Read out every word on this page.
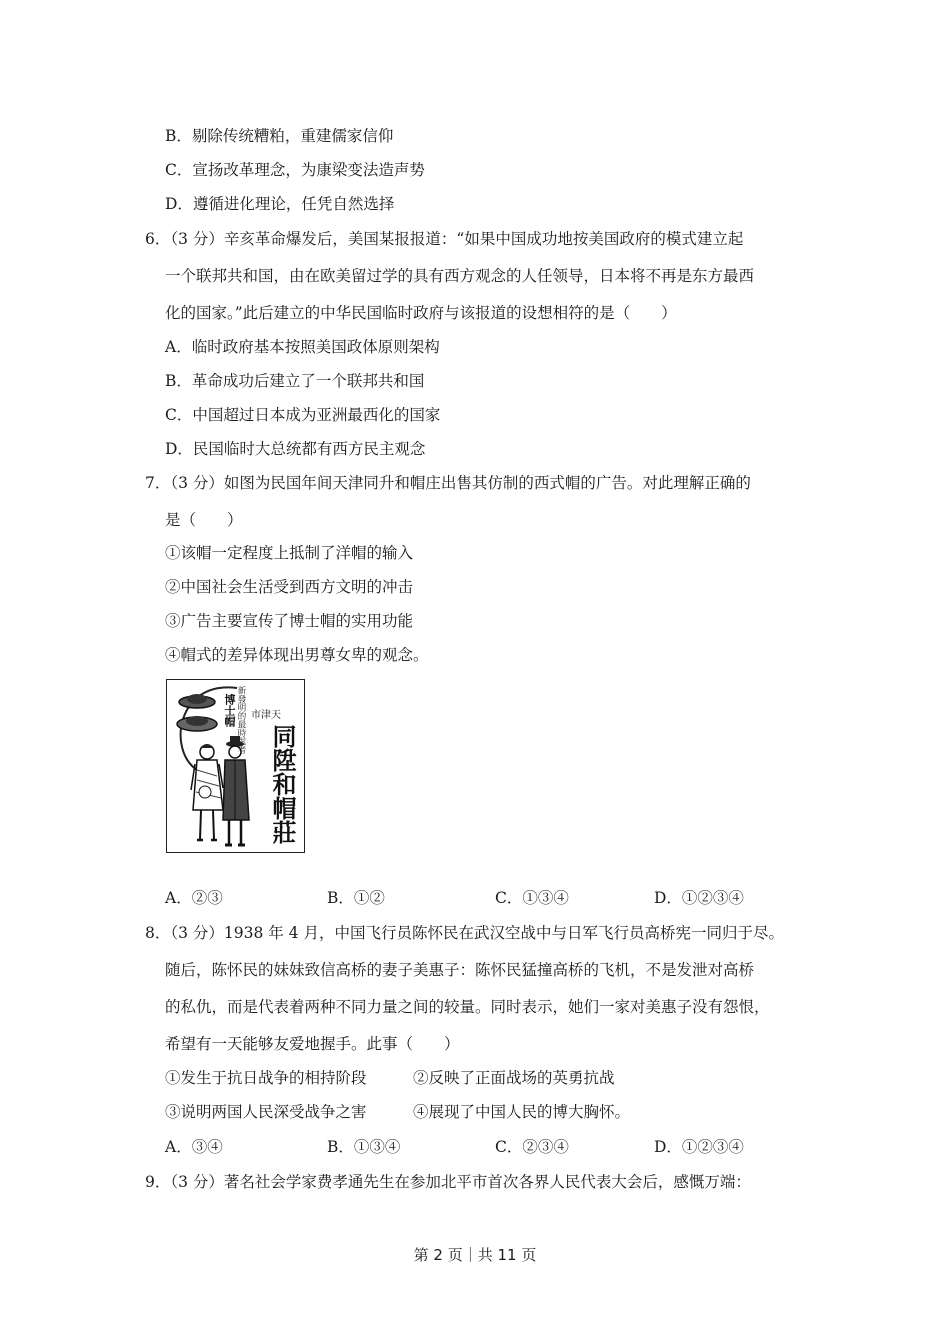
B．剔除传统糟粕，重建儒家信仰
C．宣扬改革理念，为康梁变法造声势
D．遵循进化理论，任凭自然选择
6．（3 分）辛亥革命爆发后，美国某报报道：“如果中国成功地按美国政府的模式建立起
一个联邦共和国，由在欧美留过学的具有西方观念的人任领导，日本将不再是东方最西
化的国家。”此后建立的中华民国临时政府与该报道的设想相符的是（　　）
A．临时政府基本按照美国政体原则架构
B．革命成功后建立了一个联邦共和国
C．中国超过日本成为亚洲最西化的国家
D．民国临时大总统都有西方民主观念
7．（3 分）如图为民国年间天津同升和帽庄出售其仿制的西式帽的广告。对此理解正确的
是（　　）
①该帽一定程度上抵制了洋帽的输入
②中国社会生活受到西方文明的冲击
③广告主要宣传了博士帽的实用功能
④帽式的差异体现出男尊女卑的观念。
新發明的最時髦者
博士帽 市津天
同陞和帽莊
A．②③	B．①②	C．①③④	D．①②③④
8．（3 分）1938 年 4 月，中国飞行员陈怀民在武汉空战中与日军飞行员高桥宪一同归于尽。
随后，陈怀民的妹妹致信高桥的妻子美惠子：陈怀民猛撞高桥的飞机，不是发泄对高桥
的私仇，而是代表着两种不同力量之间的较量。同时表示，她们一家对美惠子没有怨恨，
希望有一天能够友爱地握手。此事（　　）
①发生于抗日战争的相持阶段	②反映了正面战场的英勇抗战
③说明两国人民深受战争之害	④展现了中国人民的博大胸怀。
A．③④	B．①③④	C．②③④	D．①②③④
9．（3 分）著名社会学家费孝通先生在参加北平市首次各界人民代表大会后，感慨万端：
第 2 页｜共 11 页
